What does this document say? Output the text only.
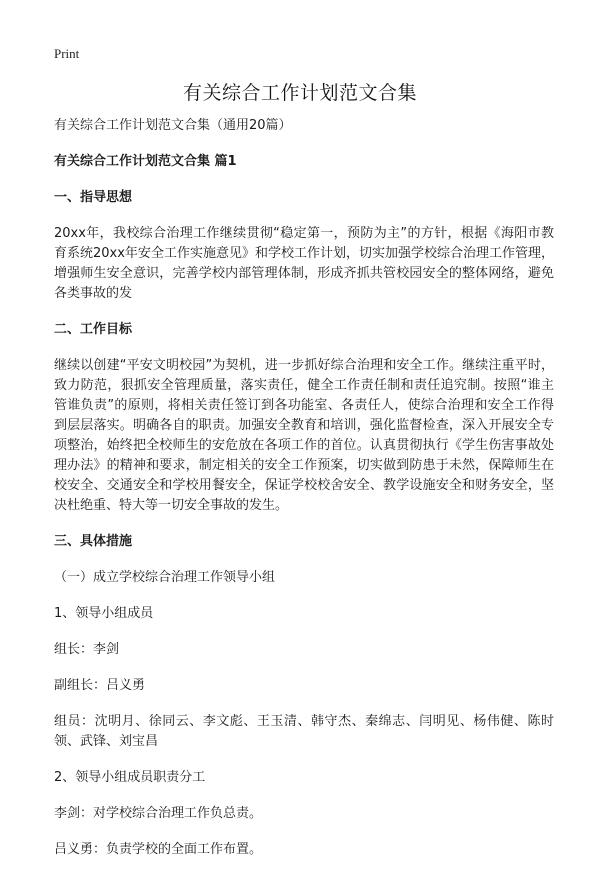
Print
有关综合工作计划范文合集

有关综合工作计划范文合集（通用20篇）

有关综合工作计划范文合集 篇1

一、指导思想

20xx年，我校综合治理工作继续贯彻“稳定第一，预防为主”的方针，根据《海阳市教育系统20xx年安全工作实施意见》和学校工作计划，切实加强学校综合治理工作管理，增强师生安全意识，完善学校内部管理体制，形成齐抓共管校园安全的整体网络，避免各类事故的发

二、工作目标

继续以创建“平安文明校园”为契机，进一步抓好综合治理和安全工作。继续注重平时，致力防范，狠抓安全管理质量，落实责任，健全工作责任制和责任追究制。按照“谁主管谁负责”的原则，将相关责任签订到各功能室、各责任人，使综合治理和安全工作得到层层落实。明确各自的职责。加强安全教育和培训，强化监督检查，深入开展安全专项整治，始终把全校师生的安危放在各项工作的首位。认真贯彻执行《学生伤害事故处理办法》的精神和要求，制定相关的安全工作预案，切实做到防患于未然，保障师生在校安全、交通安全和学校用餐安全，保证学校校舍安全、教学设施安全和财务安全，坚决杜绝重、特大等一切安全事故的发生。

三、具体措施

（一）成立学校综合治理工作领导小组

1、领导小组成员

组长：李剑

副组长：吕义勇

组员：沈明月、徐同云、李文彪、王玉清、韩守杰、秦绵志、闫明见、杨伟健、陈时领、武锋、刘宝昌

2、领导小组成员职责分工

李剑：对学校综合治理工作负总责。

吕义勇：负责学校的全面工作布置。
